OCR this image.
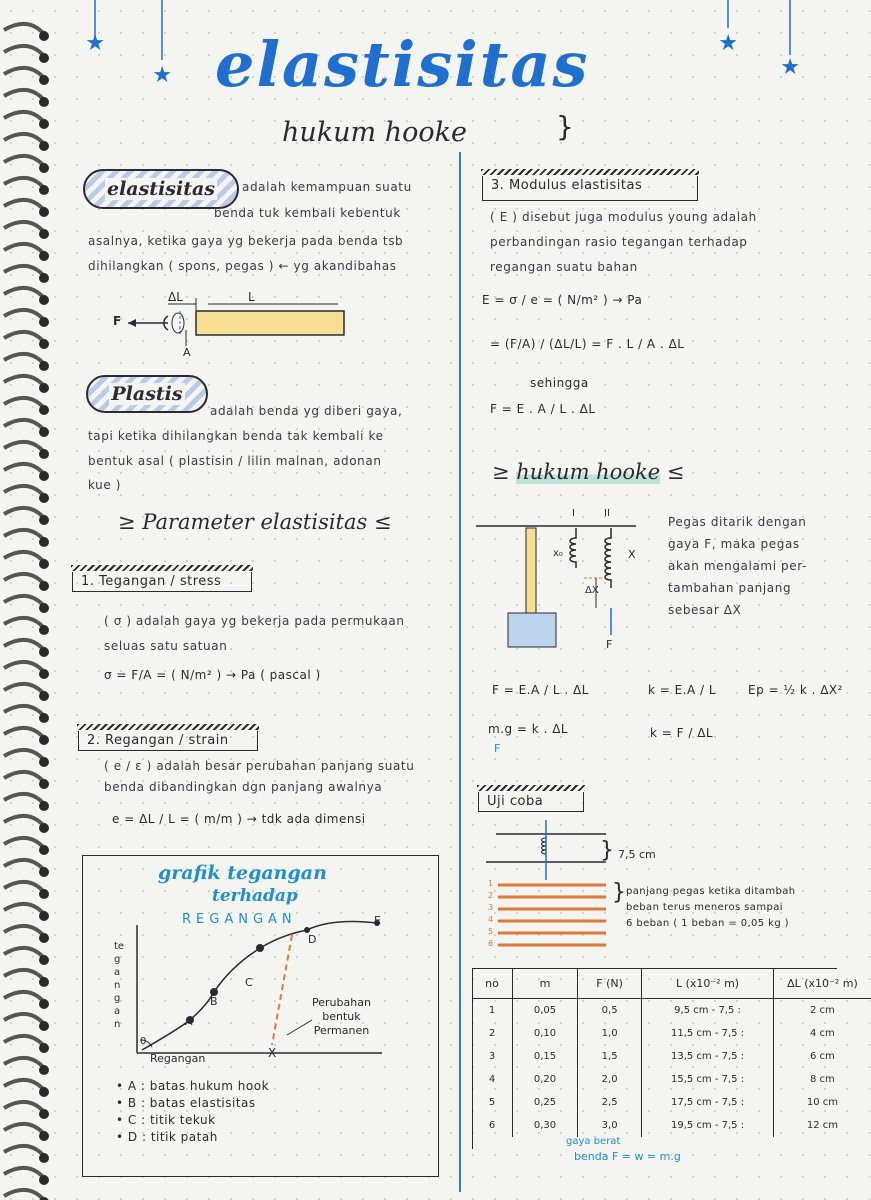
★
★
★
★
elastisitas
hukum hooke	}
elastisitas	adalah kemampuan suatu
benda tuk kembali kebentuk
asalnya, ketika gaya yg bekerja pada benda tsb
dihilangkan ( spons, pegas ) ← yg akandibahas
ΔL	L
F
A
Plastis
adalah benda yg diberi gaya,
tapi ketika dihilangkan benda tak kembali ke
bentuk asal ( plastisin / lilin malnan, adonan
kue )
≥ Parameter elastisitas ≤
1. Tegangan / stress
( σ ) adalah gaya yg bekerja pada permukaan
seluas satu satuan
σ = F/A = ( N/m² ) → Pa ( pascal )
2. Regangan / strain
( e / ε ) adalah besar perubahan panjang suatu
benda dibandingkan dgn panjang awalnya
e = ΔL / L = ( m/m ) → tdk ada dimensi
grafik tegangan
terhadap
REGANGAN
tegangan	A
B
C
D
E
0
Regangan	X
Perubahan
bentuk
Permanen
• A : batas hukum hook
• B : batas elastisitas
• C : titik tekuk
• D : titik patah
3. Modulus elastisitas
( E ) disebut juga modulus young adalah
perbandingan rasio tegangan terhadap
regangan suatu bahan
E = σ / e = ( N/m² ) → Pa
= (F/A) / (ΔL/L) = F . L / A . ΔL
sehingga
F = E . A / L . ΔL
≥ hukum hooke ≤
I	II
x₀	X
ΔX
F
Pegas ditarik dengan
gaya F, maka pegas
akan mengalami per-
tambahan panjang
sebesar ΔX
F = E.A / L . ΔL
m.g = k . ΔL
F
k = E.A / L
k = F / ΔL
Ep = ½ k . ΔX²
Uji coba
1
2
3
4
5
6
} 7,5 cm
} panjang pegas ketika ditambah
beban terus meneros sampai
6 beban ( 1 beban = 0,05 kg )
no	m	F (N)	L (x10⁻² m)	ΔL (x10⁻² m)
1	0,05	0,5	9,5 cm - 7,5 :	2 cm
2	0,10	1,0	11,5 cm - 7,5 :	4 cm
3	0,15	1,5	13,5 cm - 7,5 :	6 cm
4	0,20	2,0	15,5 cm - 7,5 :	8 cm
5	0,25	2,5	17,5 cm - 7,5 :	10 cm
6	0,30	3,0	19,5 cm - 7,5 :	12 cm
gaya berat
benda F = w = m.g
